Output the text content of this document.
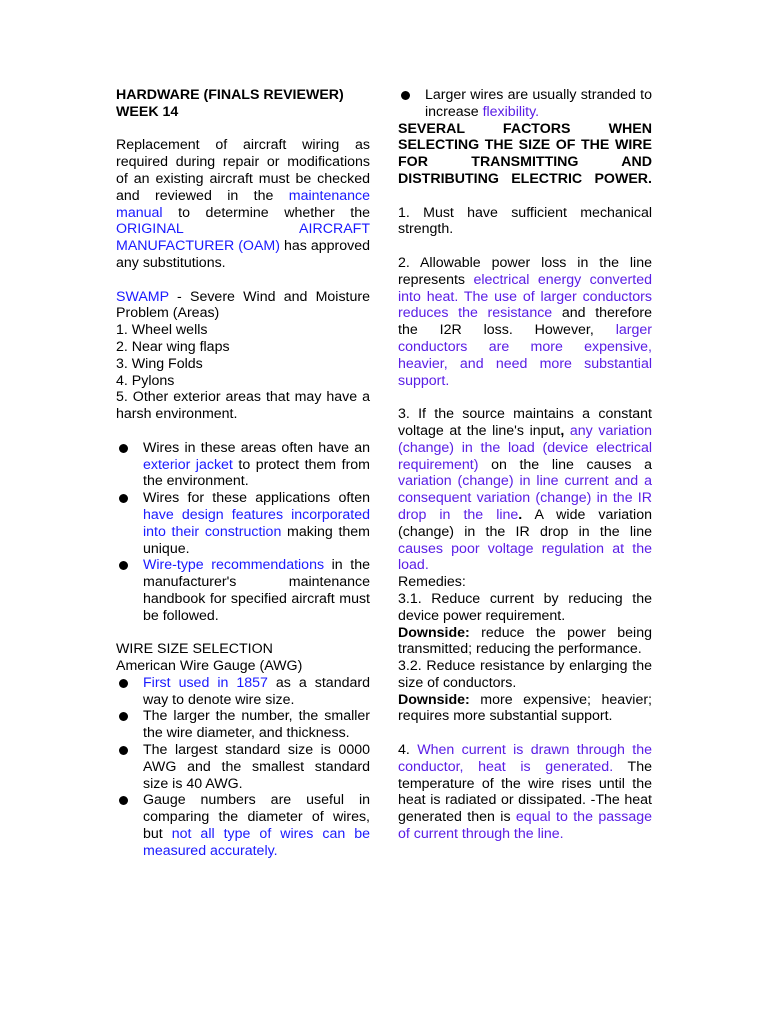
HARDWARE (FINALS REVIEWER)
WEEK 14

Replacement of aircraft wiring as required during repair or modifications of an existing aircraft must be checked and reviewed in the maintenance manual to determine whether the ORIGINAL AIRCRAFT MANUFACTURER (OAM) has approved any substitutions.

SWAMP - Severe Wind and Moisture Problem (Areas)

1. Wheel wells

2. Near wing flaps

3. Wing Folds

4. Pylons

5. Other exterior areas that may have a harsh environment.

Wires in these areas often have an exterior jacket to protect them from the environment.
Wires for these applications often have design features incorporated into their construction making them unique.
Wire-type recommendations in the manufacturer's maintenance handbook for specified aircraft must be followed.

WIRE SIZE SELECTION

American Wire Gauge (AWG)

First used in 1857 as a standard way to denote wire size.
The larger the number, the smaller the wire diameter, and thickness.
The largest standard size is 0000 AWG and the smallest standard size is 40 AWG.
Gauge numbers are useful in comparing the diameter of wires, but not all type of wires can be measured accurately.
Larger wires are usually stranded to increase flexibility.

SEVERAL FACTORS WHEN SELECTING THE SIZE OF THE WIRE FOR TRANSMITTING AND DISTRIBUTING ELECTRIC POWER.

1. Must have sufficient mechanical strength.

2. Allowable power loss in the line represents electrical energy converted into heat. The use of larger conductors reduces the resistance and therefore the I2R loss. However, larger conductors are more expensive, heavier, and need more substantial support.

3. If the source maintains a constant voltage at the line's input, any variation (change) in the load (device electrical requirement) on the line causes a variation (change) in line current and a consequent variation (change) in the IR drop in the line. A wide variation (change) in the IR drop in the line causes poor voltage regulation at the load.

Remedies:

3.1. Reduce current by reducing the device power requirement.

Downside: reduce the power being transmitted; reducing the performance.

3.2. Reduce resistance by enlarging the size of conductors.

Downside: more expensive; heavier; requires more substantial support.

4. When current is drawn through the conductor, heat is generated. The temperature of the wire rises until the heat is radiated or dissipated. -The heat generated then is equal to the passage of current through the line.
